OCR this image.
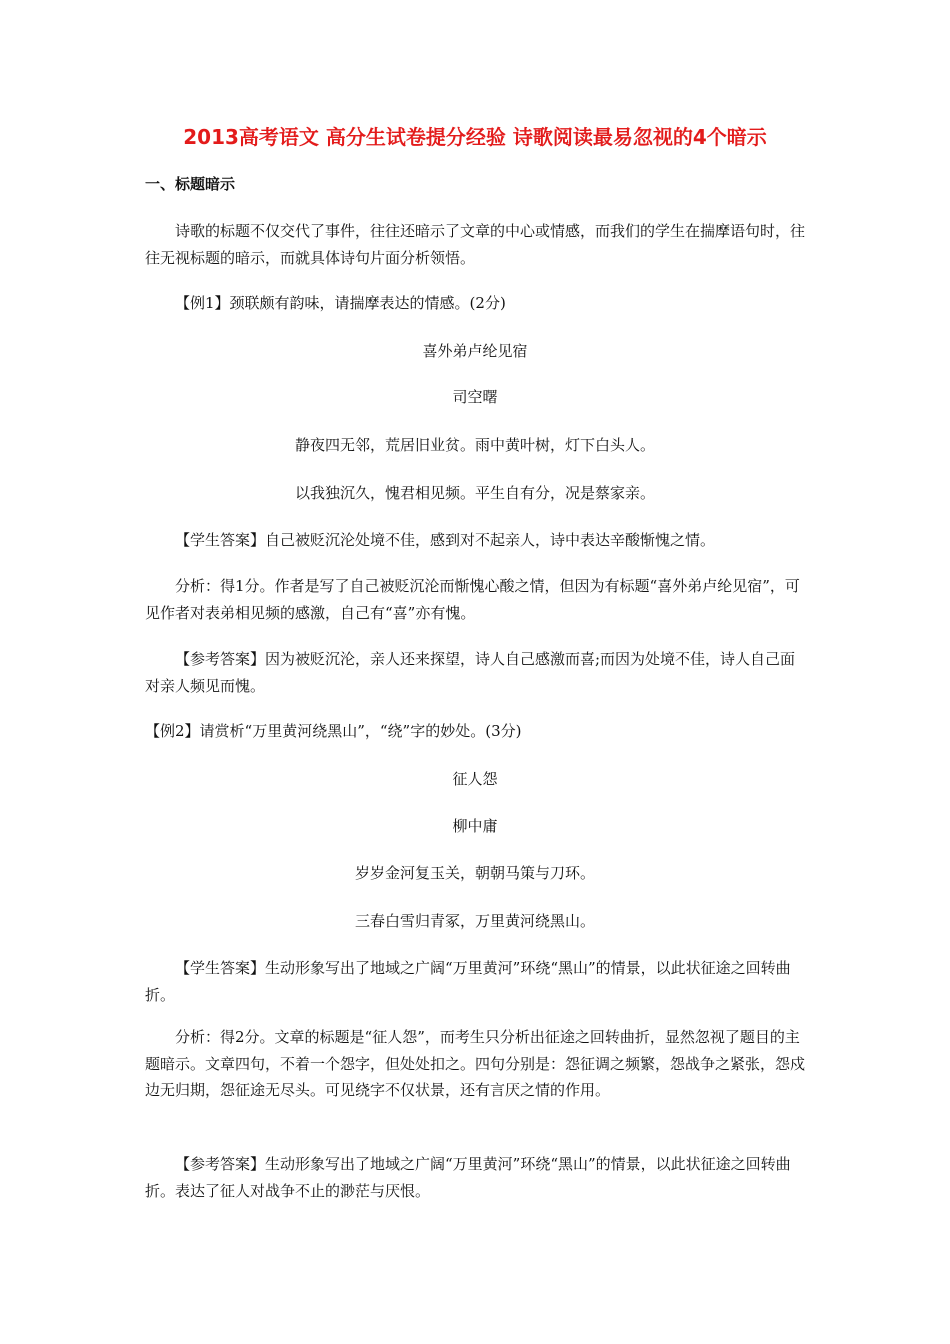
2013高考语文 高分生试卷提分经验 诗歌阅读最易忽视的4个暗示
一、标题暗示

诗歌的标题不仅交代了事件，往往还暗示了文章的中心或情感，而我们的学生在揣摩语句时，往往无视标题的暗示，而就具体诗句片面分析领悟。

【例1】颈联颇有韵味，请揣摩表达的情感。(2分)

喜外弟卢纶见宿
司空曙
静夜四无邻，荒居旧业贫。雨中黄叶树，灯下白头人。
以我独沉久，愧君相见频。平生自有分，况是蔡家亲。

【学生答案】自己被贬沉沦处境不佳，感到对不起亲人，诗中表达辛酸惭愧之情。

分析：得1分。作者是写了自己被贬沉沦而惭愧心酸之情，但因为有标题“喜外弟卢纶见宿”，可见作者对表弟相见频的感激，自己有“喜”亦有愧。

【参考答案】因为被贬沉沦，亲人还来探望，诗人自己感激而喜;而因为处境不佳，诗人自己面对亲人频见而愧。

【例2】请赏析“万里黄河绕黑山”，“绕”字的妙处。(3分)

征人怨
柳中庸
岁岁金河复玉关，朝朝马策与刀环。
三春白雪归青冢，万里黄河绕黑山。

【学生答案】生动形象写出了地域之广阔“万里黄河”环绕“黑山”的情景，以此状征途之回转曲折。

分析：得2分。文章的标题是“征人怨”，而考生只分析出征途之回转曲折，显然忽视了题目的主题暗示。文章四句，不着一个怨字，但处处扣之。四句分别是：怨征调之频繁，怨战争之紧张，怨戍边无归期，怨征途无尽头。可见绕字不仅状景，还有言厌之情的作用。

【参考答案】生动形象写出了地域之广阔“万里黄河”环绕“黑山”的情景，以此状征途之回转曲折。表达了征人对战争不止的渺茫与厌恨。
